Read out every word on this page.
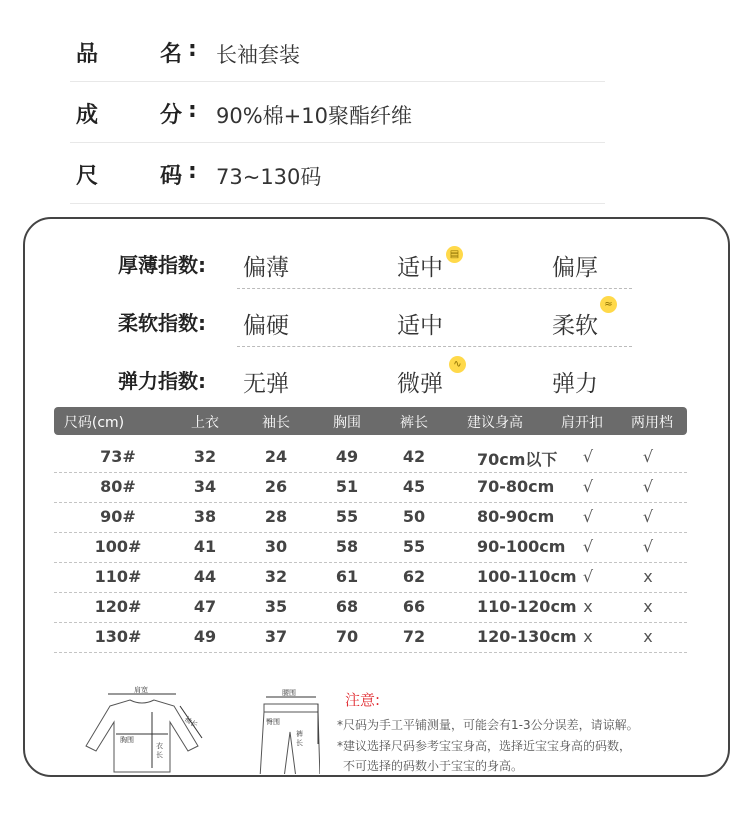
品	名 : 长袖套装
成	分 : 90%棉+10聚酯纤维
尺	码 : 73~130码
厚薄指数: 偏薄	适中	偏厚
▤
柔软指数: 偏硬	适中	柔软
≈
弹力指数: 无弹	微弹	弹力
∿
尺码(cm)	上衣	袖长	胸围	裤长	建议身高	肩开扣 两用档
73#	32	24	49	42	70cm以下 √	√
80#	34	26	51	45	70-80cm √	√
90#	38	28	55	50	80-90cm √	√
100#	41	30	58	55	90-100cm √	√
110#	44	32	61	62	100-110cm √	x
120#	47	35	68	66	110-120cm x	x
130#	49	37	70	72	120-130cm x	x
肩宽
袖长
胸围
衣
长
腰围
臀围
裤
长
注意:
*尺码为手工平铺测量，可能会有1-3公分误差，请谅解。
*建议选择尺码参考宝宝身高，选择近宝宝身高的码数，
不可选择的码数小于宝宝的身高。
